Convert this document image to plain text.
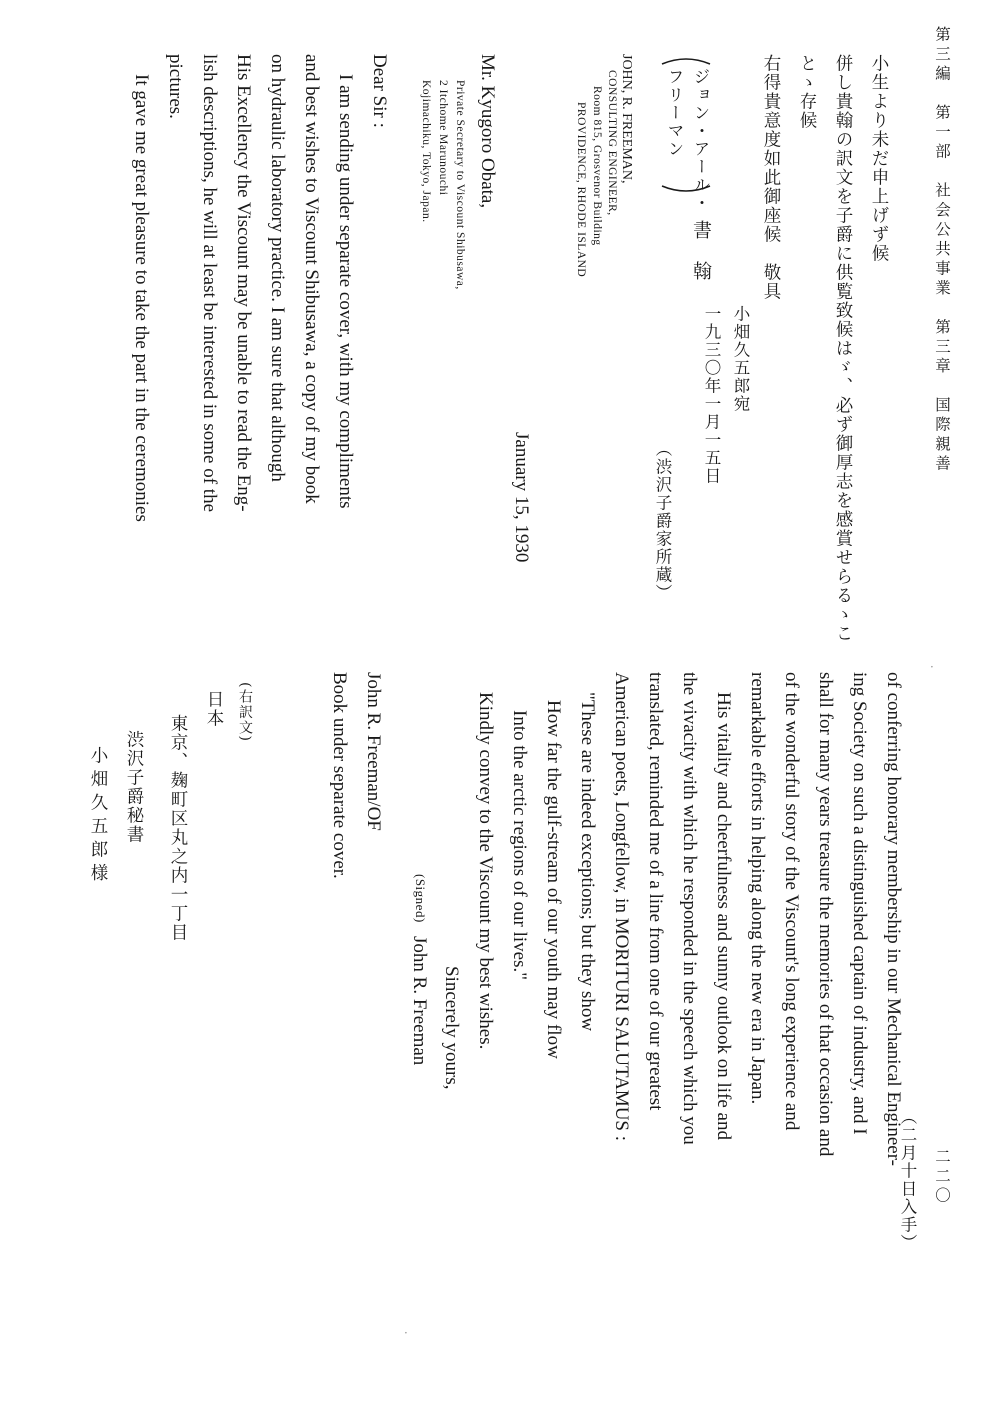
第三編　第一部　社会公共事業　第三章　国際親善
二二〇
小生より未だ申上げず候
併し貴翰の訳文を子爵に供覧致候はゞ、必ず御厚志を感賞せらるゝこ
とゝ存候
右得貴意度如此御座候　敬具
小畑久五郎宛
一九三〇年一月一五日
（渋沢子爵家所蔵）
ジョン・アール・
フリーマン
書　翰
JOHN, R. FREEMAN,
CONSULTING ENGINEER,
Room 815, Grosvenor Building
PROVIDENCE, RHODE ISLAND
January 15, 1930
Mr. Kyugoro Obata,
Private Secretary to Viscount Shibusawa,
2 Itchome Marunouchi
Kojimachiku, Tokyo, Japan.
Dear Sir :
I am sending under separate cover, with my compliments
and best wishes to Viscount Shibusawa, a copy of my book
on hydraulic laboratory practice. I am sure that although
His Excellency the Viscount may be unable to read the Eng-
lish descriptions, he will at least be interested in some of the
pictures.
It gave me great pleasure to take the part in the ceremonies
of conferring honorary membership in our Mechanical Engineer-
ing Society on such a distinguished captain of industry, and I
shall for many years treasure the memories of that occasion and
of the wonderful story of the Viscount's long experience and
remarkable efforts in helping along the new era in Japan.
His vitality and cheerfulness and sunny outlook on life and
the vivacity with which he responded in the speech which you
translated, reminded me of a line from one of our greatest
American poets, Longfellow, in MORITURI SALUTAMUS :
"These are indeed exceptions; but they show
How far the gulf-stream of our youth may flow
Into the arctic regions of our lives."
Kindly convey to the Viscount my best wishes.
Sincerely yours,
(Signed)
John R. Freeman
John R. Freeman/OF
Book under separate cover.
(右訳文)
（二月十日入手）
日本
東京、麹町区丸之内一丁目
渋沢子爵秘書
小畑久五郎様
·
·
